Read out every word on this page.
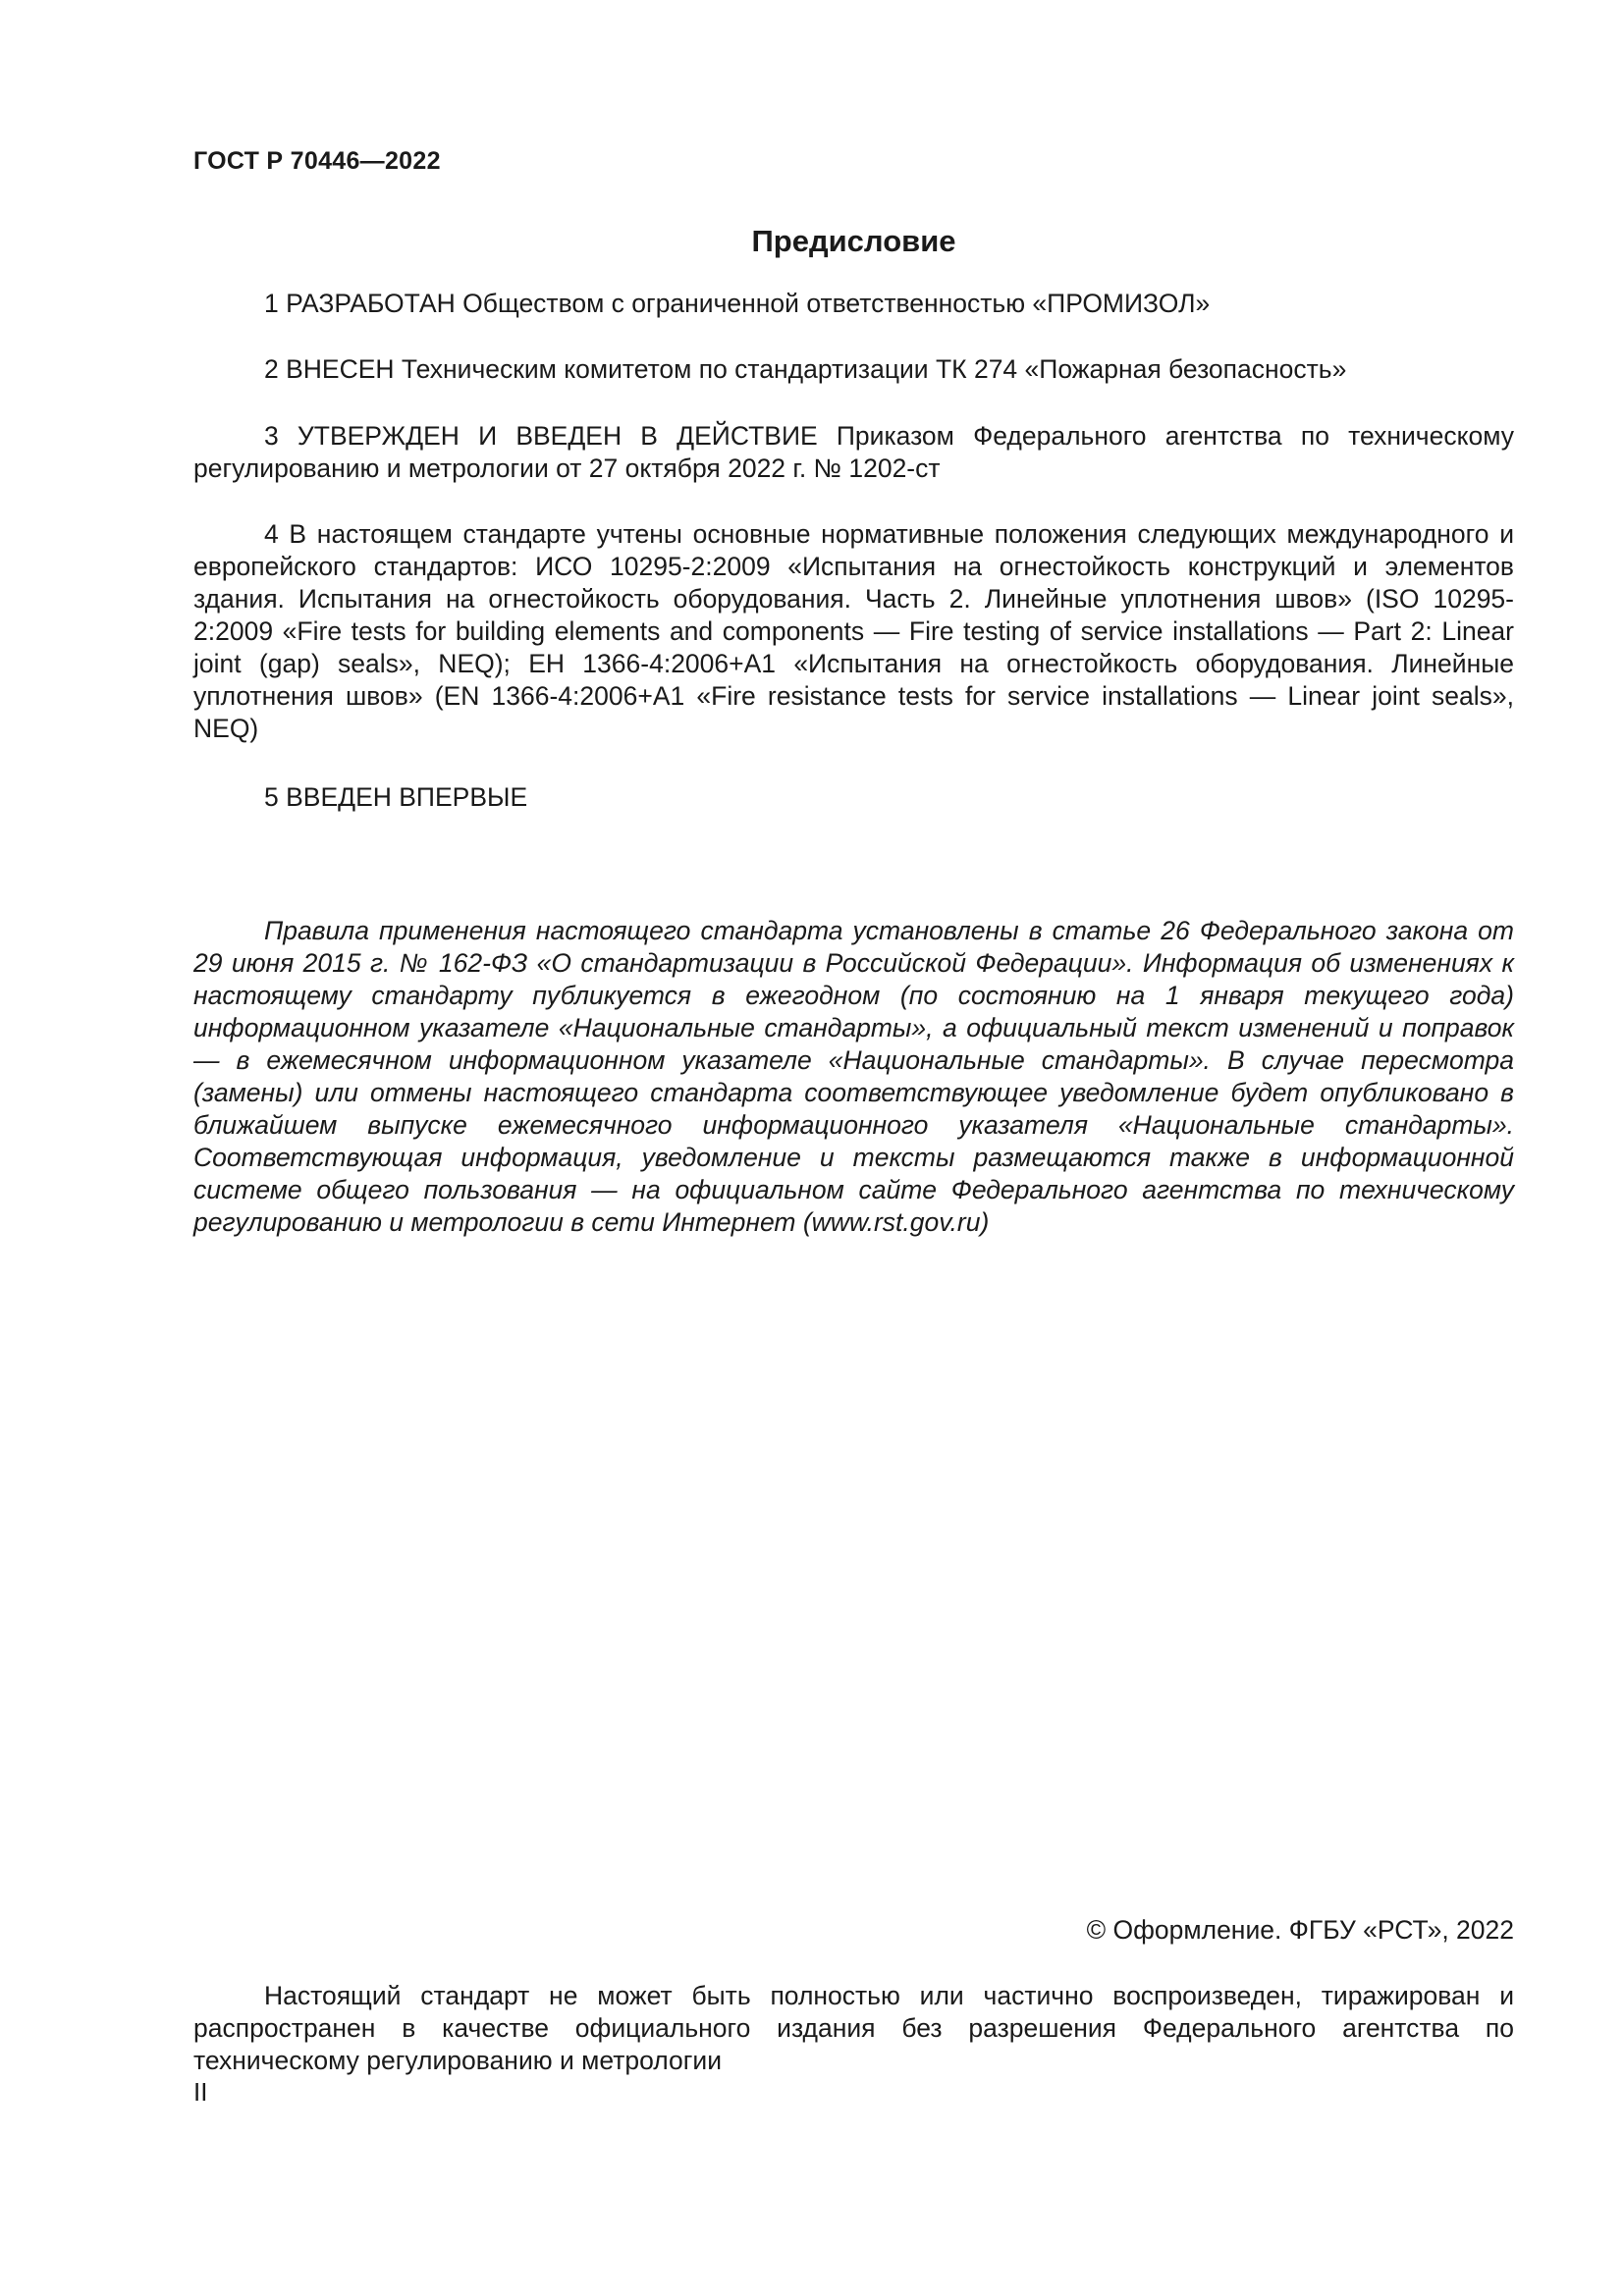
ГОСТ Р 70446—2022
Предисловие

1 РАЗРАБОТАН Обществом с ограниченной ответственностью «ПРОМИЗОЛ»

2 ВНЕСЕН Техническим комитетом по стандартизации ТК 274 «Пожарная безопасность»

3 УТВЕРЖДЕН И ВВЕДЕН В ДЕЙСТВИЕ Приказом Федерального агентства по техническому регулированию и метрологии от 27 октября 2022 г. № 1202-ст

4 В настоящем стандарте учтены основные нормативные положения следующих международного и европейского стандартов: ИСО 10295-2:2009 «Испытания на огнестойкость конструкций и элементов здания. Испытания на огнестойкость оборудования. Часть 2. Линейные уплотнения швов» (ISO 10295-2:2009 «Fire tests for building elements and components — Fire testing of service installations — Part 2: Linear joint (gap) seals», NEQ); ЕН 1366-4:2006+А1 «Испытания на огнестойкость оборудования. Линейные уплотнения швов» (EN 1366-4:2006+A1 «Fire resistance tests for service installations — Linear joint seals», NEQ)

5 ВВЕДЕН ВПЕРВЫЕ

Правила применения настоящего стандарта установлены в статье 26 Федерального закона от 29 июня 2015 г. № 162-ФЗ «О стандартизации в Российской Федерации». Информация об изменениях к настоящему стандарту публикуется в ежегодном (по состоянию на 1 января текущего года) информационном указателе «Национальные стандарты», а официальный текст изменений и поправок — в ежемесячном информационном указателе «Национальные стандарты». В случае пересмотра (замены) или отмены настоящего стандарта соответствующее уведомление будет опубликовано в ближайшем выпуске ежемесячного информационного указателя «Национальные стандарты». Соответствующая информация, уведомление и тексты размещаются также в информационной системе общего пользования — на официальном сайте Федерального агентства по техническому регулированию и метрологии в сети Интернет (www.rst.gov.ru)

© Оформление. ФГБУ «РСТ», 2022

Настоящий стандарт не может быть полностью или частично воспроизведен, тиражирован и распространен в качестве официального издания без разрешения Федерального агентства по техническому регулированию и метрологии

II
